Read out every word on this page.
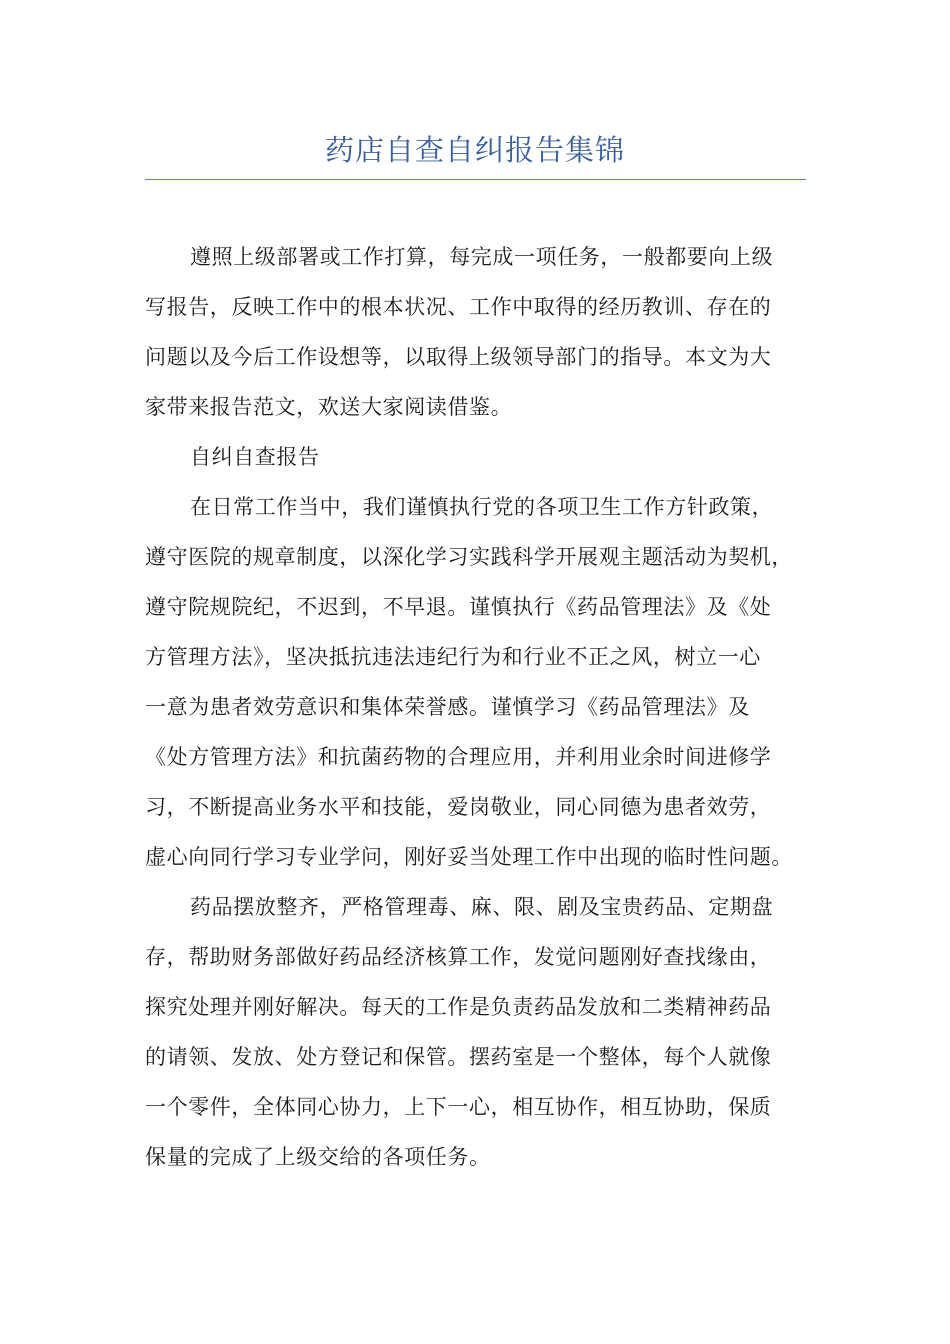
药店自查自纠报告集锦

遵照上级部署或工作打算，每完成一项任务，一般都要向上级
写报告，反映工作中的根本状况、工作中取得的经历教训、存在的
问题以及今后工作设想等，以取得上级领导部门的指导。本文为大
家带来报告范文，欢送大家阅读借鉴。

自纠自查报告

在日常工作当中，我们谨慎执行党的各项卫生工作方针政策，
遵守医院的规章制度，以深化学习实践科学开展观主题活动为契机，
遵守院规院纪，不迟到，不早退。谨慎执行《药品管理法》及《处
方管理方法》，坚决抵抗违法违纪行为和行业不正之风，树立一心
一意为患者效劳意识和集体荣誉感。谨慎学习《药品管理法》及
《处方管理方法》和抗菌药物的合理应用，并利用业余时间进修学
习，不断提高业务水平和技能，爱岗敬业，同心同德为患者效劳，
虚心向同行学习专业学问，刚好妥当处理工作中出现的临时性问题。

药品摆放整齐，严格管理毒、麻、限、剧及宝贵药品、定期盘
存，帮助财务部做好药品经济核算工作，发觉问题刚好查找缘由，
探究处理并刚好解决。每天的工作是负责药品发放和二类精神药品
的请领、发放、处方登记和保管。摆药室是一个整体，每个人就像
一个零件，全体同心协力，上下一心，相互协作，相互协助，保质
保量的完成了上级交给的各项任务。
